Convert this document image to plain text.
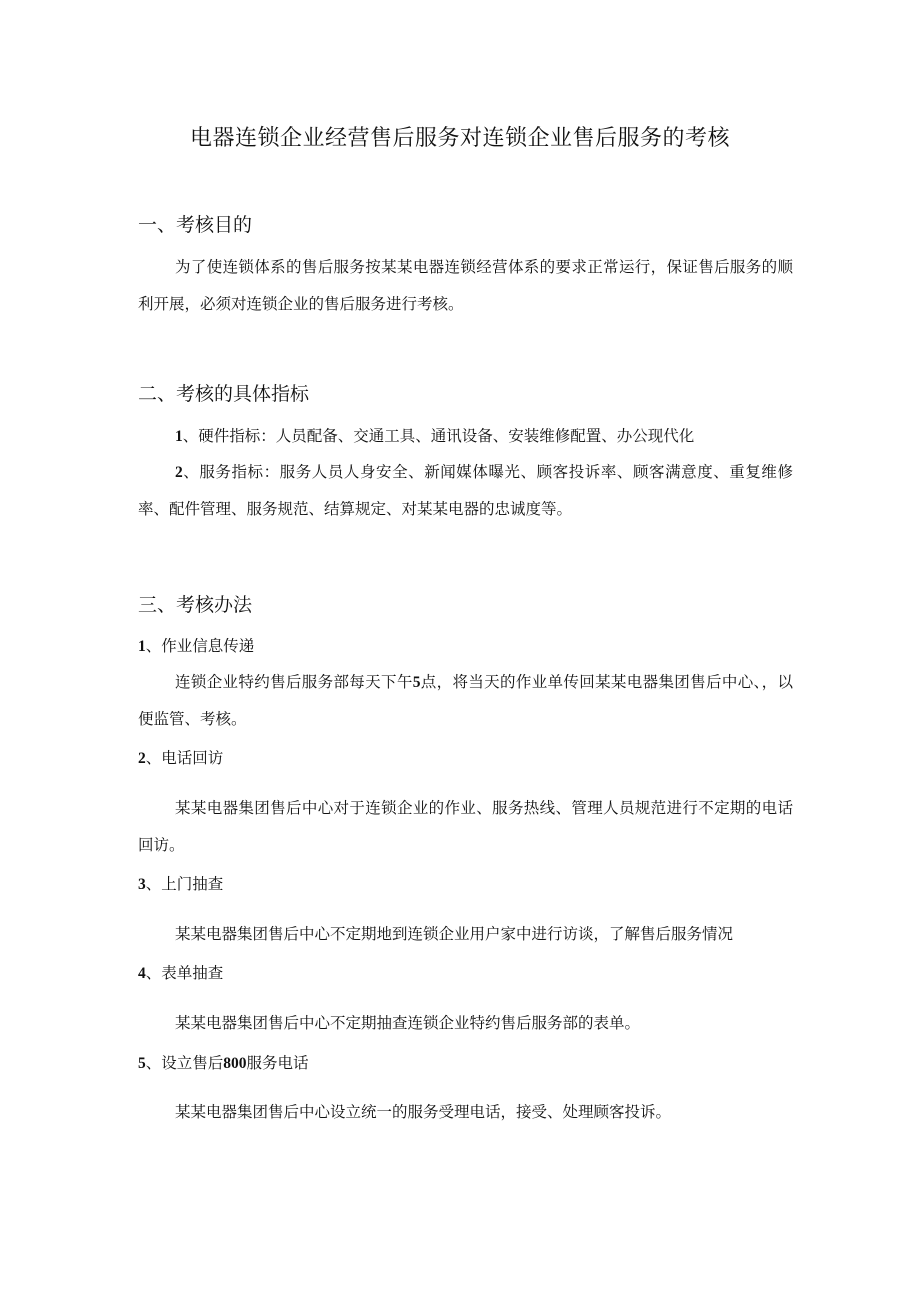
电器连锁企业经营售后服务对连锁企业售后服务的考核
一、考核目的

为了使连锁体系的售后服务按某某电器连锁经营体系的要求正常运行，保证售后服务的顺利开展，必须对连锁企业的售后服务进行考核。

二、考核的具体指标

1、硬件指标：人员配备、交通工具、通讯设备、安装维修配置、办公现代化

2、服务指标：服务人员人身安全、新闻媒体曝光、顾客投诉率、顾客满意度、重复维修率、配件管理、服务规范、结算规定、对某某电器的忠诚度等。

三、考核办法

1、作业信息传递

连锁企业特约售后服务部每天下午5点，将当天的作业单传回某某电器集团售后中心、，以便监管、考核。

2、电话回访

某某电器集团售后中心对于连锁企业的作业、服务热线、管理人员规范进行不定期的电话回访。

3、上门抽查

某某电器集团售后中心不定期地到连锁企业用户家中进行访谈，了解售后服务情况

4、表单抽查

某某电器集团售后中心不定期抽查连锁企业特约售后服务部的表单。

5、设立售后800服务电话

某某电器集团售后中心设立统一的服务受理电话，接受、处理顾客投诉。
